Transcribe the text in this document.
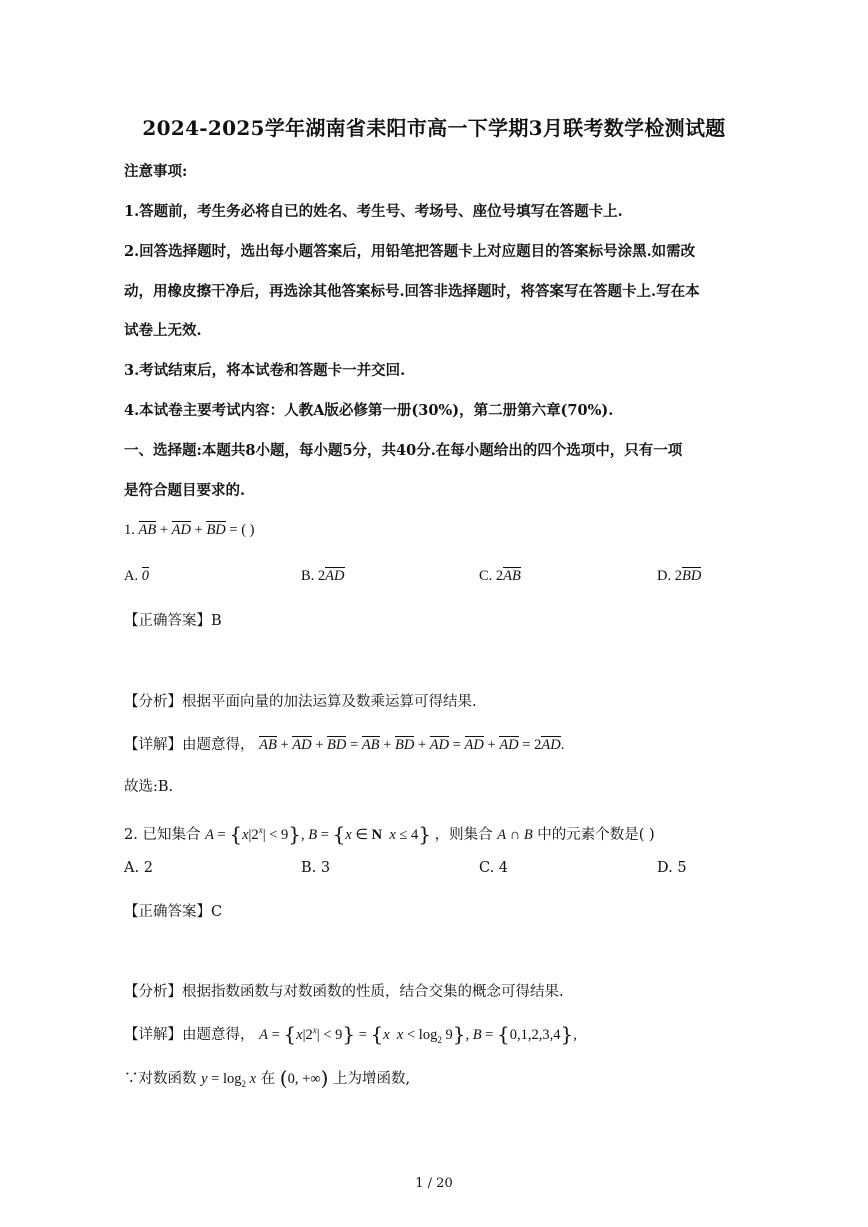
2024-2025学年湖南省耒阳市高一下学期3月联考数学检测试题
注意事项:
1.答题前，考生务必将自已的姓名、考生号、考场号、座位号填写在答题卡上.
2.回答选择题时，选出每小题答案后，用铅笔把答题卡上对应题目的答案标号涂黑.如需改
动，用橡皮擦干净后，再选涂其他答案标号.回答非选择题时，将答案写在答题卡上.写在本
试卷上无效.
3.考试结束后，将本试卷和答题卡一并交回.
4.本试卷主要考试内容：人教A版必修第一册(30%)，第二册第六章(70%).
一、选择题:本题共8小题，每小题5分，共40分.在每小题给出的四个选项中，只有一项
是符合题目要求的.
1. AB + AD + BD = ( )
A. 0	B. 2AD	C. 2AB	D. 2BD
【正确答案】B
【分析】根据平面向量的加法运算及数乘运算可得结果.
【详解】由题意得， AB + AD + BD = AB + BD + AD = AD + AD = 2AD.
故选:B.
2. 已知集合 $A = \{x|2^x| < 9\}$, B = {x ∈ N x ≤ 4} ，则集合 A ∩ B 中的元素个数是( )
A. 2	B. 3	C. 4	D. 5
【正确答案】C
【分析】根据指数函数与对数函数的性质，结合交集的概念可得结果.
【详解】由题意得， $A = \{x|2^x| < 9\} = \{x$ $x < \log_2 9$}, B = {0,1,2,3,4},
∵对数函数 $y = \log_2 x$ 在 (0, +∞) 上为增函数,
1 / 20
